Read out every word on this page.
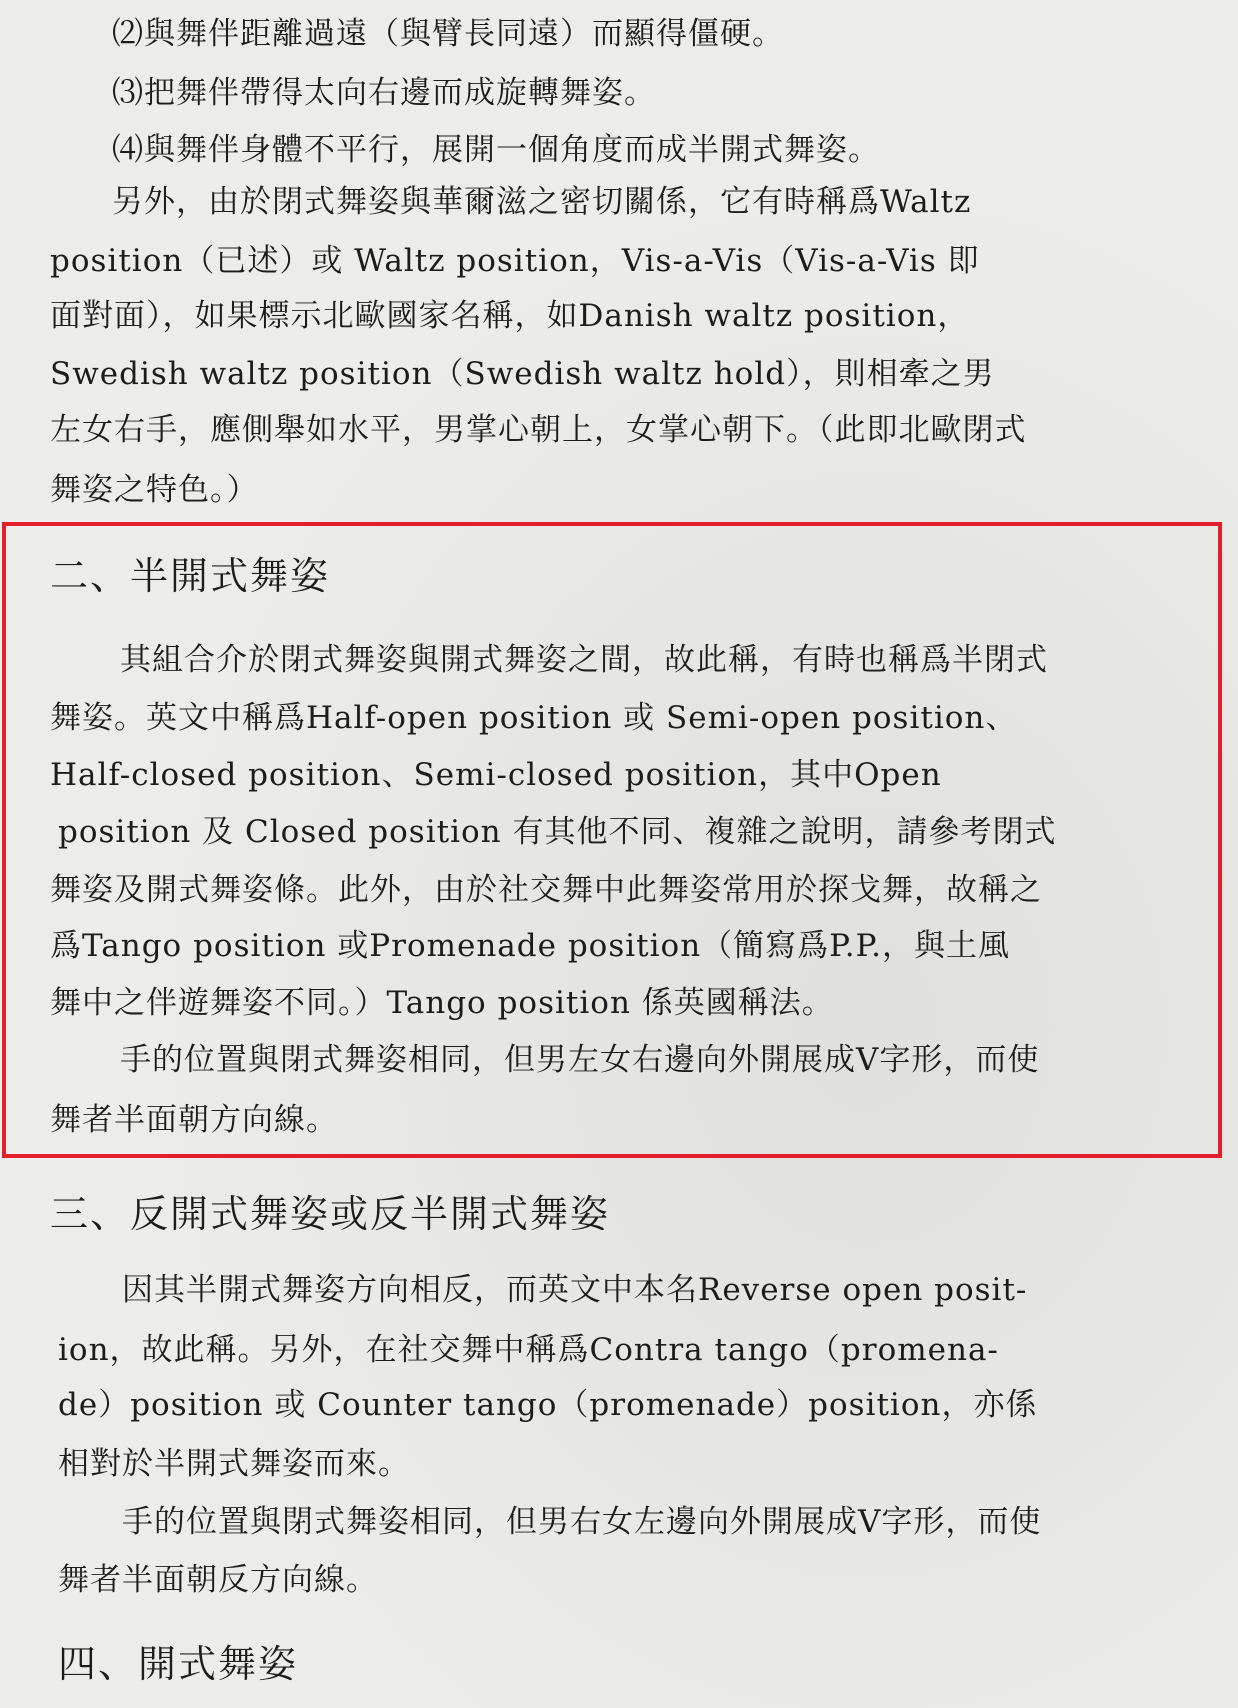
⑵與舞伴距離過遠（與臂長同遠）而顯得僵硬。
⑶把舞伴帶得太向右邊而成旋轉舞姿。
⑷與舞伴身體不平行，展開一個角度而成半開式舞姿。
另外，由於閉式舞姿與華爾滋之密切關係，它有時稱爲Waltz
position（已述）或 Waltz position，Vis-a-Vis（Vis-a-Vis 即
面對面），如果標示北歐國家名稱，如Danish waltz position，
Swedish waltz position（Swedish waltz hold），則相牽之男
左女右手，應側舉如水平，男掌心朝上，女掌心朝下。（此即北歐閉式
舞姿之特色。）
二、半開式舞姿
其組合介於閉式舞姿與開式舞姿之間，故此稱，有時也稱爲半閉式
舞姿。英文中稱爲Half-open position 或 Semi-open position、
Half-closed position、Semi-closed position，其中Open
position 及 Closed position 有其他不同、複雜之說明，請參考閉式
舞姿及開式舞姿條。此外，由於社交舞中此舞姿常用於探戈舞，故稱之
爲Tango position 或Promenade position（簡寫爲P.P.，與土風
舞中之伴遊舞姿不同。）Tango position 係英國稱法。
手的位置與閉式舞姿相同，但男左女右邊向外開展成V字形，而使
舞者半面朝方向線。
三、反開式舞姿或反半開式舞姿
因其半開式舞姿方向相反，而英文中本名Reverse open posit-
ion，故此稱。另外，在社交舞中稱爲Contra tango（promena-
de）position 或 Counter tango（promenade）position，亦係
相對於半開式舞姿而來。
手的位置與閉式舞姿相同，但男右女左邊向外開展成V字形，而使
舞者半面朝反方向線。
四、開式舞姿
